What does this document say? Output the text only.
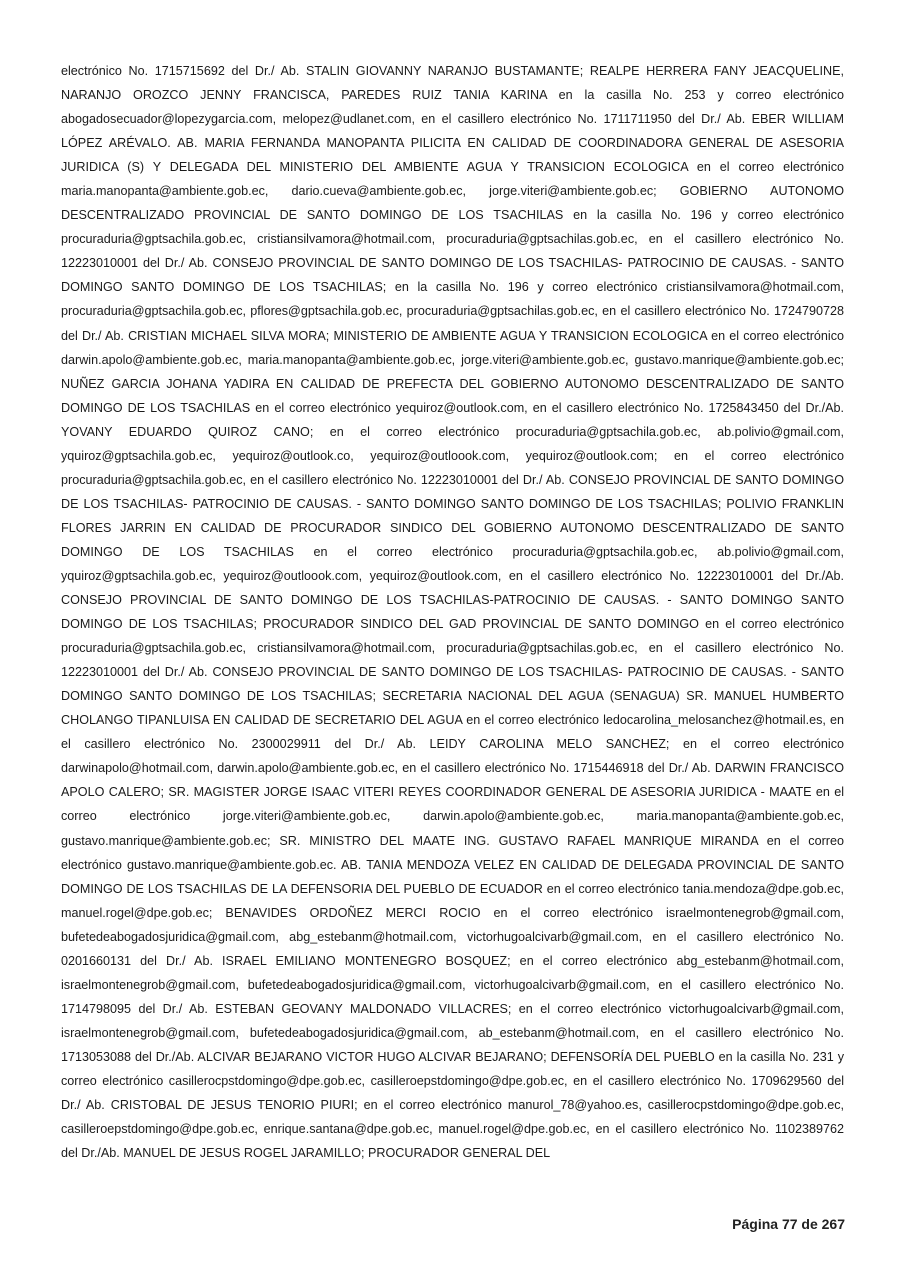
electrónico No. 1715715692 del Dr./ Ab. STALIN GIOVANNY NARANJO BUSTAMANTE; REALPE HERRERA FANY JEACQUELINE, NARANJO OROZCO JENNY FRANCISCA, PAREDES RUIZ TANIA KARINA en la casilla No. 253 y correo electrónico abogadosecuador@lopezygarcia.com, melopez@udlanet.com, en el casillero electrónico No. 1711711950 del Dr./ Ab. EBER WILLIAM LÓPEZ ARÉVALO. AB. MARIA FERNANDA MANOPANTA PILICITA EN CALIDAD DE COORDINADORA GENERAL DE ASESORIA JURIDICA (S) Y DELEGADA DEL MINISTERIO DEL AMBIENTE AGUA Y TRANSICION ECOLOGICA en el correo electrónico maria.manopanta@ambiente.gob.ec, dario.cueva@ambiente.gob.ec, jorge.viteri@ambiente.gob.ec; GOBIERNO AUTONOMO DESCENTRALIZADO PROVINCIAL DE SANTO DOMINGO DE LOS TSACHILAS en la casilla No. 196 y correo electrónico procuraduria@gptsachila.gob.ec, cristiansilvamora@hotmail.com, procuraduria@gptsachilas.gob.ec, en el casillero electrónico No. 12223010001 del Dr./ Ab. CONSEJO PROVINCIAL DE SANTO DOMINGO DE LOS TSACHILAS- PATROCINIO DE CAUSAS. - SANTO DOMINGO SANTO DOMINGO DE LOS TSACHILAS; en la casilla No. 196 y correo electrónico cristiansilvamora@hotmail.com, procuraduria@gptsachila.gob.ec, pflores@gptsachila.gob.ec, procuraduria@gptsachilas.gob.ec, en el casillero electrónico No. 1724790728 del Dr./ Ab. CRISTIAN MICHAEL SILVA MORA; MINISTERIO DE AMBIENTE AGUA Y TRANSICION ECOLOGICA en el correo electrónico darwin.apolo@ambiente.gob.ec, maria.manopanta@ambiente.gob.ec, jorge.viteri@ambiente.gob.ec, gustavo.manrique@ambiente.gob.ec; NUÑEZ GARCIA JOHANA YADIRA EN CALIDAD DE PREFECTA DEL GOBIERNO AUTONOMO DESCENTRALIZADO DE SANTO DOMINGO DE LOS TSACHILAS en el correo electrónico yequiroz@outlook.com, en el casillero electrónico No. 1725843450 del Dr./Ab. YOVANY EDUARDO QUIROZ CANO; en el correo electrónico procuraduria@gptsachila.gob.ec, ab.polivio@gmail.com, yquiroz@gptsachila.gob.ec, yequiroz@outlook.co, yequiroz@outloook.com, yequiroz@outlook.com; en el correo electrónico procuraduria@gptsachila.gob.ec, en el casillero electrónico No. 12223010001 del Dr./ Ab. CONSEJO PROVINCIAL DE SANTO DOMINGO DE LOS TSACHILAS- PATROCINIO DE CAUSAS. - SANTO DOMINGO SANTO DOMINGO DE LOS TSACHILAS; POLIVIO FRANKLIN FLORES JARRIN EN CALIDAD DE PROCURADOR SINDICO DEL GOBIERNO AUTONOMO DESCENTRALIZADO DE SANTO DOMINGO DE LOS TSACHILAS en el correo electrónico procuraduria@gptsachila.gob.ec, ab.polivio@gmail.com, yquiroz@gptsachila.gob.ec, yequiroz@outloook.com, yequiroz@outlook.com, en el casillero electrónico No. 12223010001 del Dr./Ab. CONSEJO PROVINCIAL DE SANTO DOMINGO DE LOS TSACHILAS-PATROCINIO DE CAUSAS. - SANTO DOMINGO SANTO DOMINGO DE LOS TSACHILAS; PROCURADOR SINDICO DEL GAD PROVINCIAL DE SANTO DOMINGO en el correo electrónico procuraduria@gptsachila.gob.ec, cristiansilvamora@hotmail.com, procuraduria@gptsachilas.gob.ec, en el casillero electrónico No. 12223010001 del Dr./ Ab. CONSEJO PROVINCIAL DE SANTO DOMINGO DE LOS TSACHILAS- PATROCINIO DE CAUSAS. - SANTO DOMINGO SANTO DOMINGO DE LOS TSACHILAS; SECRETARIA NACIONAL DEL AGUA (SENAGUA) SR. MANUEL HUMBERTO CHOLANGO TIPANLUISA EN CALIDAD DE SECRETARIO DEL AGUA en el correo electrónico ledocarolina_melosanchez@hotmail.es, en el casillero electrónico No. 2300029911 del Dr./ Ab. LEIDY CAROLINA MELO SANCHEZ; en el correo electrónico darwinapolo@hotmail.com, darwin.apolo@ambiente.gob.ec, en el casillero electrónico No. 1715446918 del Dr./ Ab. DARWIN FRANCISCO APOLO CALERO; SR. MAGISTER JORGE ISAAC VITERI REYES COORDINADOR GENERAL DE ASESORIA JURIDICA - MAATE en el correo electrónico jorge.viteri@ambiente.gob.ec, darwin.apolo@ambiente.gob.ec, maria.manopanta@ambiente.gob.ec, gustavo.manrique@ambiente.gob.ec; SR. MINISTRO DEL MAATE ING. GUSTAVO RAFAEL MANRIQUE MIRANDA en el correo electrónico gustavo.manrique@ambiente.gob.ec. AB. TANIA MENDOZA VELEZ EN CALIDAD DE DELEGADA PROVINCIAL DE SANTO DOMINGO DE LOS TSACHILAS DE LA DEFENSORIA DEL PUEBLO DE ECUADOR en el correo electrónico tania.mendoza@dpe.gob.ec, manuel.rogel@dpe.gob.ec; BENAVIDES ORDOÑEZ MERCI ROCIO en el correo electrónico israelmontenegrob@gmail.com, bufetedeabogadosjuridica@gmail.com, abg_estebanm@hotmail.com, victorhugoalcivarb@gmail.com, en el casillero electrónico No. 0201660131 del Dr./ Ab. ISRAEL EMILIANO MONTENEGRO BOSQUEZ; en el correo electrónico abg_estebanm@hotmail.com, israelmontenegrob@gmail.com, bufetedeabogadosjuridica@gmail.com, victorhugoalcivarb@gmail.com, en el casillero electrónico No. 1714798095 del Dr./ Ab. ESTEBAN GEOVANY MALDONADO VILLACRES; en el correo electrónico victorhugoalcivarb@gmail.com, israelmontenegrob@gmail.com, bufetedeabogadosjuridica@gmail.com, ab_estebanm@hotmail.com, en el casillero electrónico No. 1713053088 del Dr./Ab. ALCIVAR BEJARANO VICTOR HUGO ALCIVAR BEJARANO; DEFENSORÍA DEL PUEBLO en la casilla No. 231 y correo electrónico casillerocpstdomingo@dpe.gob.ec, casilleroepstdomingo@dpe.gob.ec, en el casillero electrónico No. 1709629560 del Dr./ Ab. CRISTOBAL DE JESUS TENORIO PIURI; en el correo electrónico manurol_78@yahoo.es, casillerocpstdomingo@dpe.gob.ec, casilleroepstdomingo@dpe.gob.ec, enrique.santana@dpe.gob.ec, manuel.rogel@dpe.gob.ec, en el casillero electrónico No. 1102389762 del Dr./Ab. MANUEL DE JESUS ROGEL JARAMILLO; PROCURADOR GENERAL DEL

Página 77 de 267
